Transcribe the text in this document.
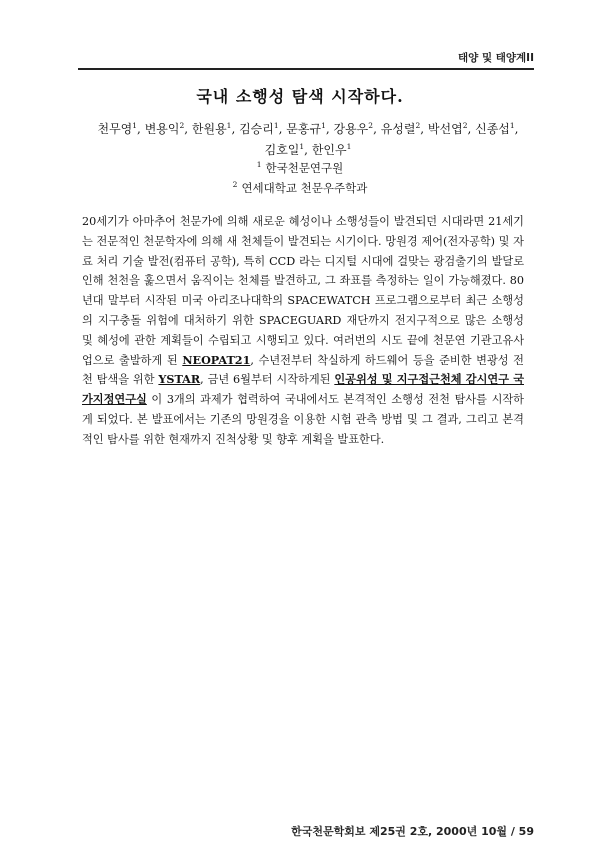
태양 및 태양계II
국내 소행성 탐색 시작하다.
천무영$^1$, 변용익$^2$, 한원용$^1$, 김승리$^1$, 문홍규$^1$, 강용우$^2$, 유성렬$^2$, 박선엽$^2$, 신종섭$^1$,
김호일$^1$, 한인우$^1$
$^1$ 한국천문연구원
$^2$ 연세대학교 천문우주학과
20세기가 아마추어 천문가에 의해 새로운 혜성이나 소행성들이 발견되던 시대라면 21세기는 전문적인 천문학자에 의해 새 천체들이 발견되는 시기이다. 망원경 제어(전자공학) 및 자료 처리 기술 발전(컴퓨터 공학), 특히 CCD 라는 디지털 시대에 걸맞는 광검출기의 발달로 인해 천천을 훑으면서 움직이는 천체를 발견하고, 그 좌표를 측정하는 일이 가능해졌다. 80년대 말부터 시작된 미국 아리조나대학의 SPACEWATCH 프로그램으로부터 최근 소행성의 지구충돌 위험에 대처하기 위한 SPACEGUARD 재단까지 전지구적으로 많은 소행성 및 혜성에 관한 계획들이 수립되고 시행되고 있다. 여러번의 시도 끝에 천문연 기관고유사업으로 출발하게 된 NEOPAT21, 수년전부터 착실하게 하드웨어 등을 준비한 변광성 전천 탐색을 위한 YSTAR, 금년 6월부터 시작하게된 인공위성 및 지구접근천체 감시연구 국가지정연구실 이 3개의 과제가 협력하여 국내에서도 본격적인 소행성 전천 탐사를 시작하게 되었다. 본 발표에서는 기존의 망원경을 이용한 시험 관측 방법 및 그 결과, 그리고 본격적인 탐사를 위한 현재까지 진척상황 및 향후 계획을 발표한다.
한국천문학회보 제25권 2호, 2000년 10월 / 59
